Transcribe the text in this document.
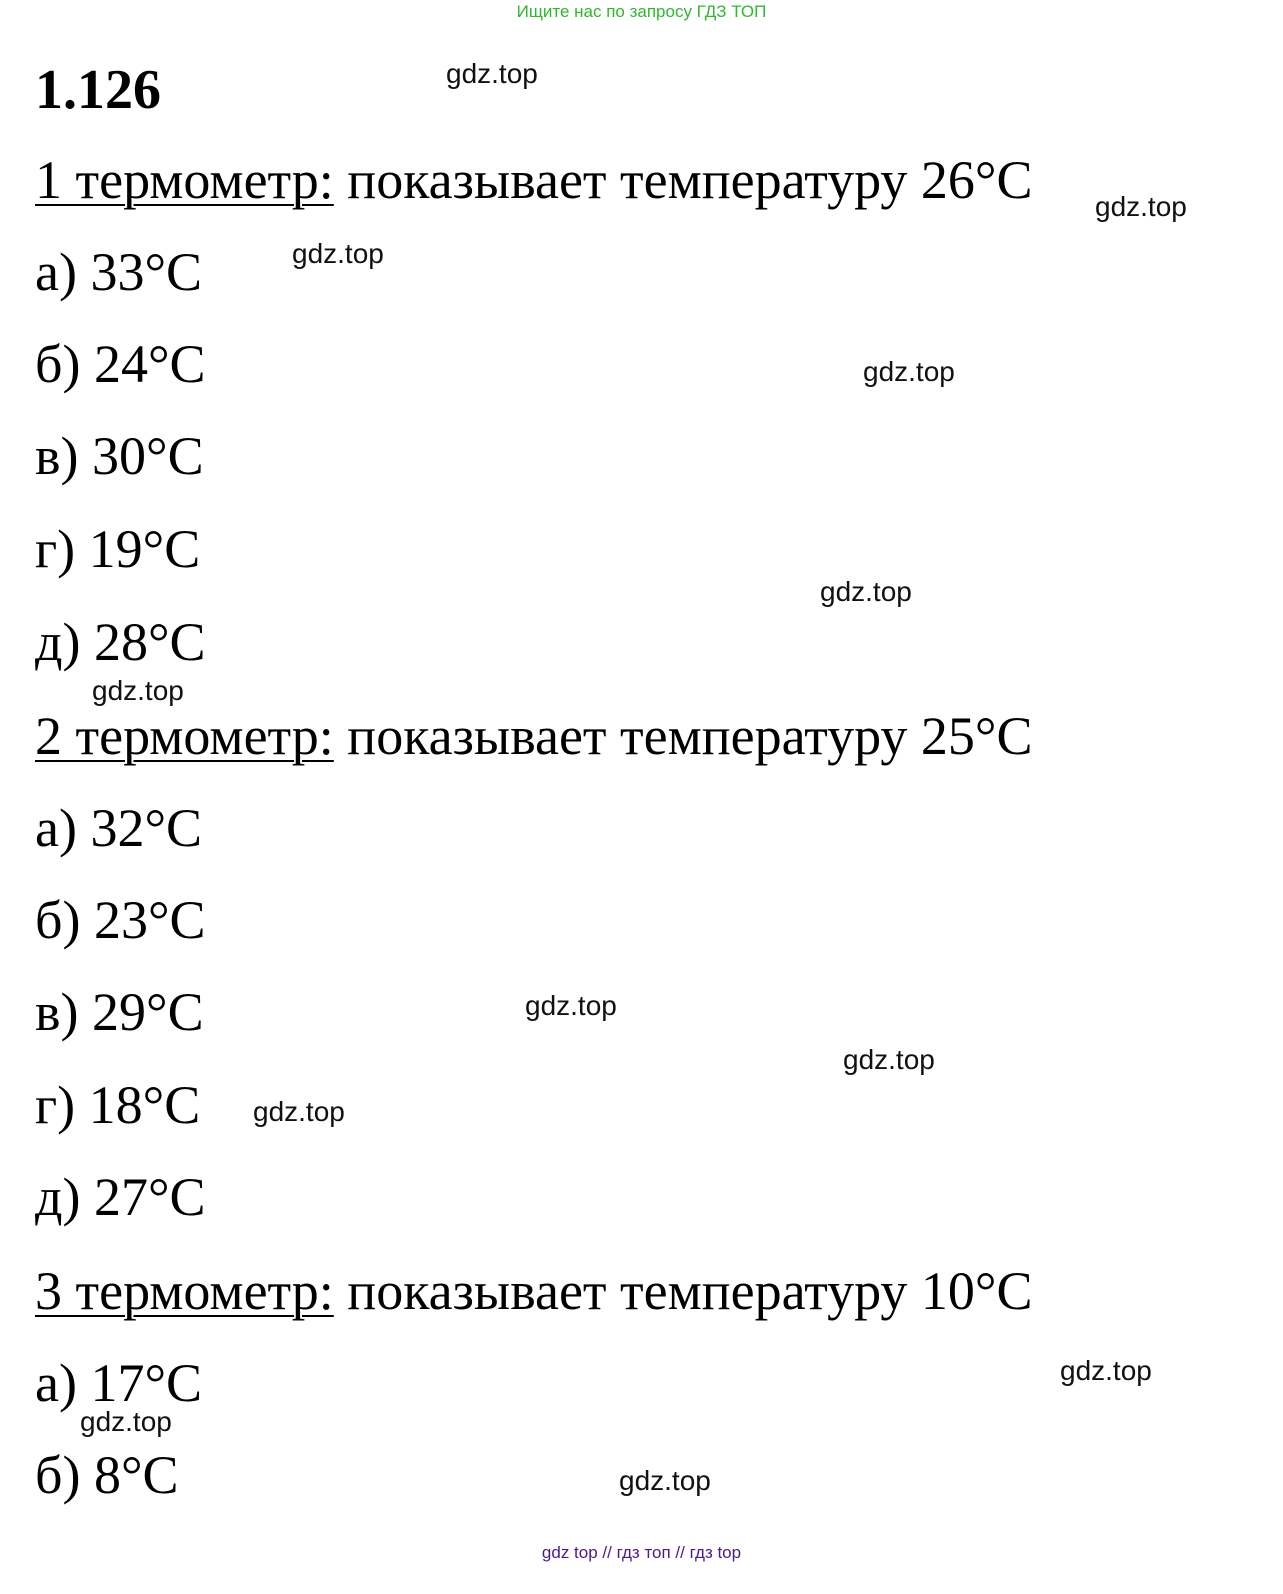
Ищите нас по запросу ГДЗ ТОП
1.126
1 термометр: показывает температуру 26°C
а) 33°C
б) 24°C
в) 30°C
г) 19°C
д) 28°C
2 термометр: показывает температуру 25°C
а) 32°C
б) 23°C
в) 29°C
г) 18°C
д) 27°C
3 термометр: показывает температуру 10°C
а) 17°C
б) 8°C
gdz.top
gdz.top
gdz.top
gdz.top
gdz.top
gdz.top
gdz.top
gdz.top
gdz.top
gdz.top
gdz.top
gdz.top
gdz top // гдз топ // гдз top
